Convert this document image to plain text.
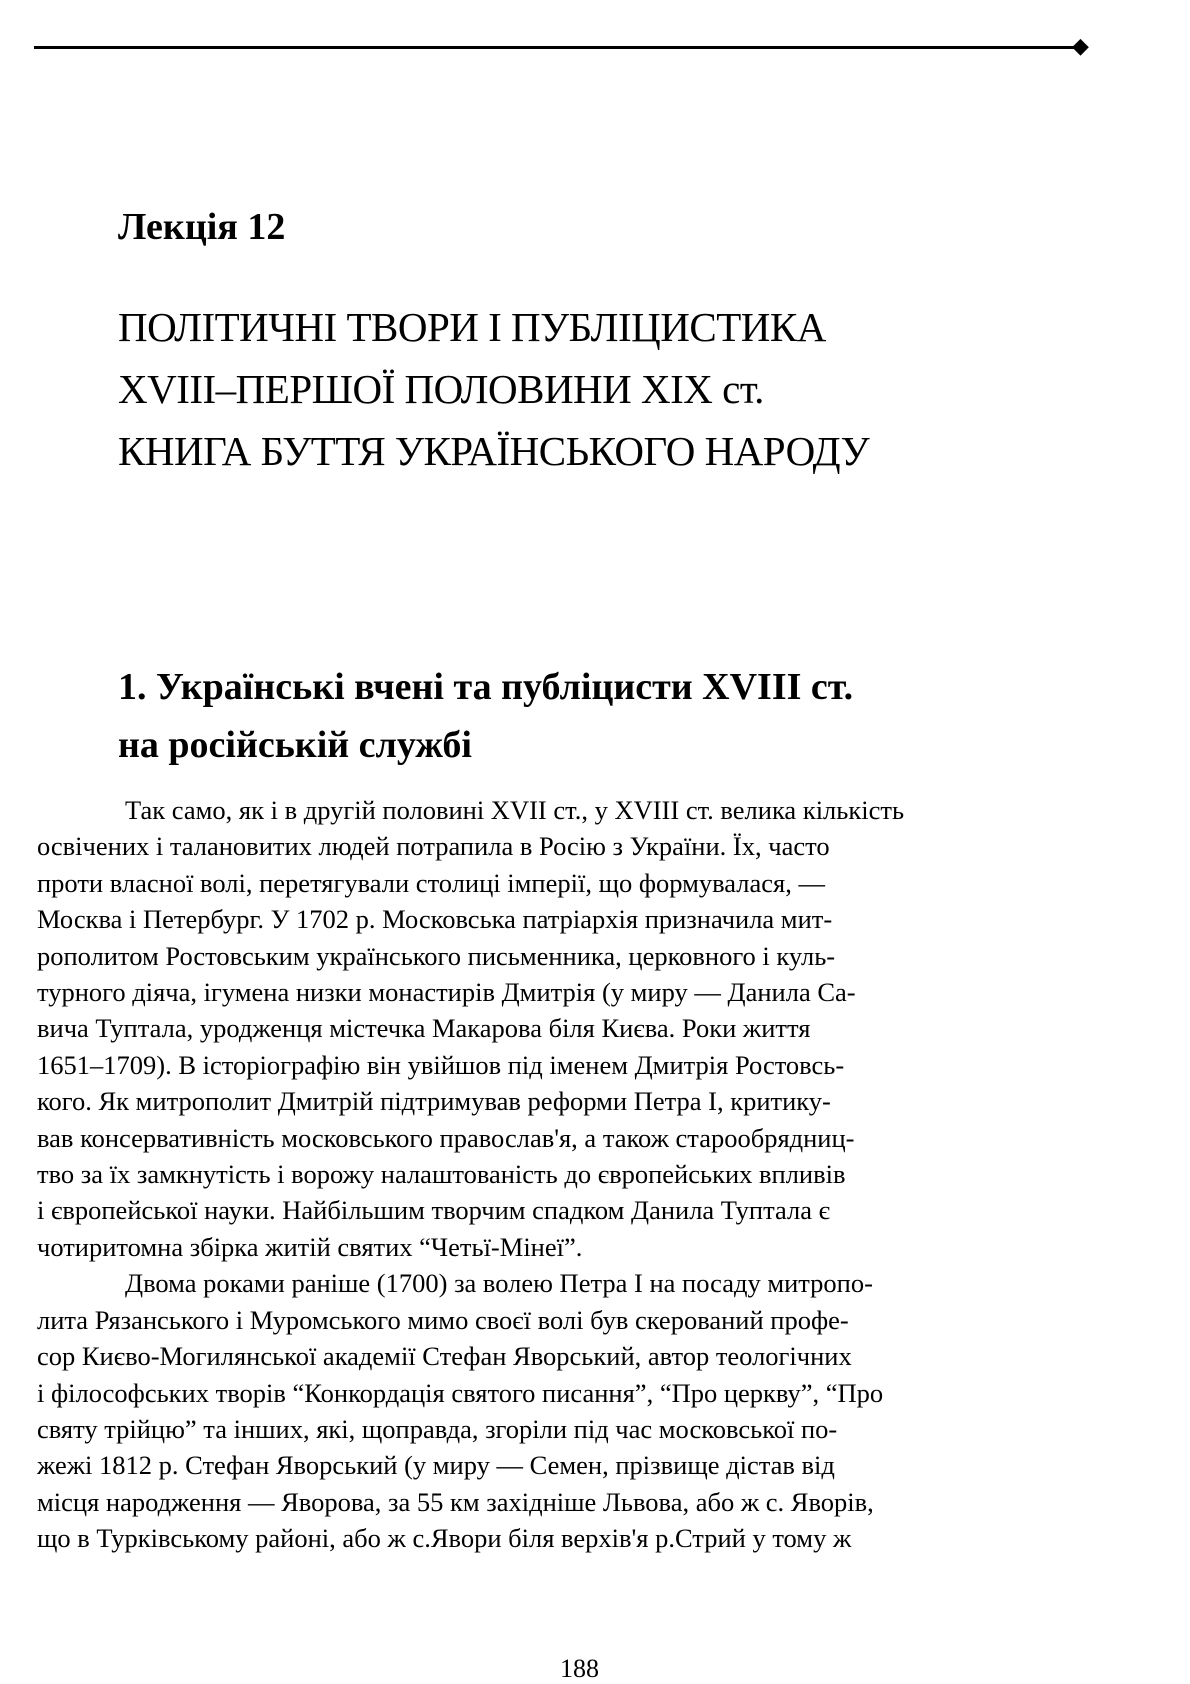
◆
Лекція 12
ПОЛІТИЧНІ ТВОРИ І ПУБЛІЦИСТИКА
XVIII–ПЕРШОЇ ПОЛОВИНИ XIX ст.
КНИГА БУТТЯ УКРАЇНСЬКОГО НАРОДУ
1. Українські вчені та публіцисти XVIII ст.
на російській службі

Так само, як і в другій половині XVII ст., у XVIII ст. велика кількість
освічених і талановитих людей потрапила в Росію з України. Їх, часто
проти власної волі, перетягували столиці імперії, що формувалася, —
Москва і Петербург. У 1702 р. Московська патріархія призначила мит-
рополитом Ростовським українського письменника, церковного і куль-
турного діяча, ігумена низки монастирів Дмитрія (у миру — Данила Са-
вича Туптала, уродженця містечка Макарова біля Києва. Роки життя
1651–1709). В історіографію він увійшов під іменем Дмитрія Ростовсь-
кого. Як митрополит Дмитрій підтримував реформи Петра І, критику-
вав консервативність московського православ'я, а також старообрядниц-
тво за їх замкнутість і ворожу налаштованість до європейських впливів
і європейської науки. Найбільшим творчим спадком Данила Туптала є
чотиритомна збірка житій святих “Четьї-Мінеї”.

Двома роками раніше (1700) за волею Петра І на посаду митропо-
лита Рязанського і Муромського мимо своєї волі був скерований профе-
сор Києво-Могилянської академії Стефан Яворський, автор теологічних
і філософських творів “Конкордація святого писання”, “Про церкву”, “Про
святу трійцю” та інших, які, щоправда, згоріли під час московської по-
жежі 1812 р. Стефан Яворський (у миру — Семен, прізвище дістав від
місця народження — Яворова, за 55 км західніше Львова, або ж с. Яворів,
що в Турківському районі, або ж с.Явори біля верхів'я р.Стрий у тому ж

188
